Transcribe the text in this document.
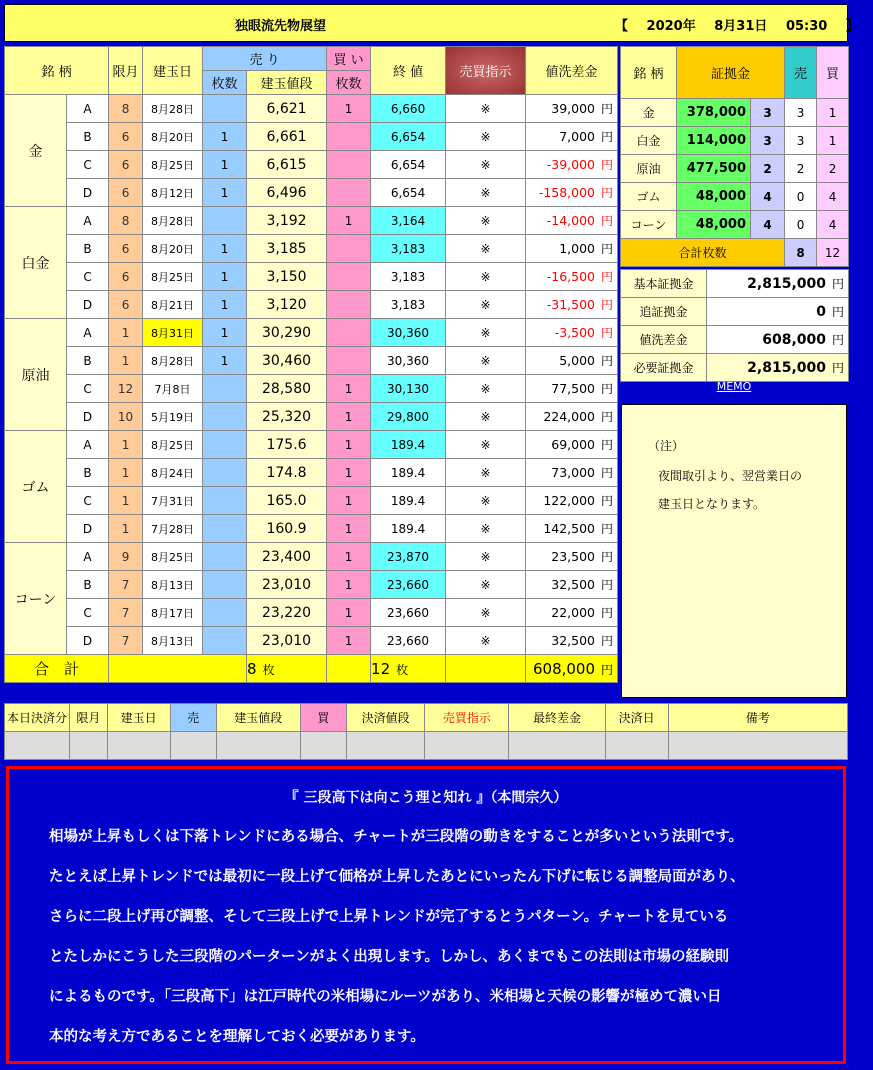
独眼流先物展望	【 2020年 8月31日 05:30 】
銘 柄		限月	建玉日	売 り		買 い	終 値	売買指示	値洗差金
				枚数	建玉値段	枚数			
金	A	8	8月28日		6,621	1	6,660	※	39,000 円
	B	6	8月20日	1	6,661		6,654	※	7,000 円
	C	6	8月25日	1	6,615		6,654	※	-39,000 円
	D	6	8月12日	1	6,496		6,654	※	-158,000 円
白金	A	8	8月28日		3,192	1	3,164	※	-14,000 円
	B	6	8月20日	1	3,185		3,183	※	1,000 円
	C	6	8月25日	1	3,150		3,183	※	-16,500 円
	D	6	8月21日	1	3,120		3,183	※	-31,500 円
原油	A	1	8月31日	1	30,290		30,360	※	-3,500 円
	B	1	8月28日	1	30,460		30,360	※	5,000 円
	C	12	7月8日		28,580	1	30,130	※	77,500 円
	D	10	5月19日		25,320	1	29,800	※	224,000 円
ゴム	A	1	8月25日		175.6	1	189.4	※	69,000 円
	B	1	8月24日		174.8	1	189.4	※	73,000 円
	C	1	7月31日		165.0	1	189.4	※	122,000 円
	D	1	7月28日		160.9	1	189.4	※	142,500 円
コーン	A	9	8月25日		23,400	1	23,870	※	23,500 円
	B	7	8月13日		23,010	1	23,660	※	32,500 円
	C	7	8月17日		23,220	1	23,660	※	22,000 円
	D	7	8月13日		23,010	1	23,660	※	32,500 円
合　計					8 枚		12 枚		608,000 円
銘 柄	証拠金		売	買
金	378,000	3	3	1
白金	114,000	3	3	1
原油	477,500	2	2	2
ゴム	48,000	4	0	4
コーン	48,000	4	0	4
合計枚数			8	12
基本証拠金	2,815,000 円
追証拠金	0 円
値洗差金	608,000 円
必要証拠金	2,815,000 円
MEMO
（注）
夜間取引より、翌営業日の
建玉日となります。
本日決済分	限月	建玉日	売	建玉値段	買	決済値段	売買指示	最終差金	決済日	備考

『 三段高下は向こう理と知れ 』（本間宗久）
相場が上昇もしくは下落トレンドにある場合、チャートが三段階の動きをすることが多いという法則です。
たとえば上昇トレンドでは最初に一段上げて価格が上昇したあとにいったん下げに転じる調整局面があり、
さらに二段上げ再び調整、そして三段上げで上昇トレンドが完了するとうパターン。チャートを見ている
とたしかにこうした三段階のパーターンがよく出現します。しかし、あくまでもこの法則は市場の経験則
によるものです。「三段高下」は江戸時代の米相場にルーツがあり、米相場と天候の影響が極めて濃い日
本的な考え方であることを理解しておく必要があります。
